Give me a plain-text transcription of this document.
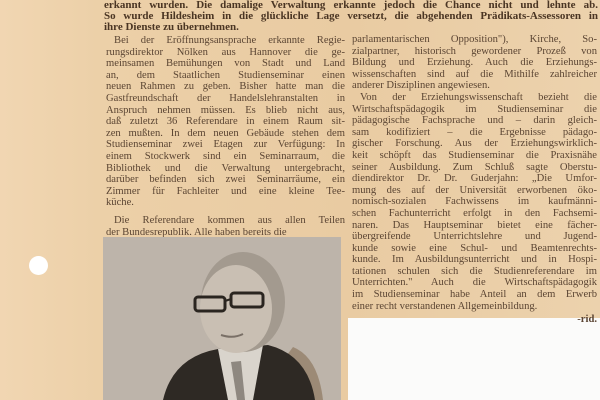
erkannt wurden. Die damalige Verwaltung erkannte jedoch die Chance nicht und lehnte ab.
So wurde Hildesheim in die glückliche Lage versetzt, die abgehenden Prädikats-Assessoren in
ihre Dienste zu übernehmen.
Bei der Eröffnungsansprache erkannte Regie-
rungsdirektor Nölken aus Hannover die ge-
meinsamen Bemühungen von Stadt und Land
an, dem Staatlichen Studienseminar einen
neuen Rahmen zu geben. Bisher hatte man die
Gastfreundschaft der Handelslehranstalten in
Anspruch nehmen müssen. Es blieb nicht aus,
daß zuletzt 36 Referendare in einem Raum sit-
zen mußten. In dem neuen Gebäude stehen dem
Studienseminar zwei Etagen zur Verfügung: In
einem Stockwerk sind ein Seminarraum, die
Bibliothek und die Verwaltung untergebracht,
darüber befinden sich zwei Seminarräume, ein
Zimmer für Fachleiter und eine kleine Tee-
küche.
Die Referendare kommen aus allen Teilen
der Bundesrepublik. Alle haben bereits die
parlamentarischen Opposition"), Kirche, So-
zialpartner, historisch gewordener Prozeß von
Bildung und Erziehung. Auch die Erziehungs-
wissenschaften sind auf die Mithilfe zahlreicher
anderer Disziplinen angewiesen.
Von der Erziehungswissenschaft bezieht die
Wirtschaftspädagogik im Studienseminar die
pädagogische Fachsprache und – darin gleich-
sam kodifiziert – die Ergebnisse pädago-
gischer Forschung. Aus der Erziehungswirklich-
keit schöpft das Studienseminar die Praxisnähe
seiner Ausbildung. Zum Schluß sagte Oberstu-
diendirektor Dr. Dr. Guderjahn: „Die Umfor-
mung des auf der Universität erworbenen öko-
nomisch-sozialen Fachwissens im kaufmänni-
schen Fachunterricht erfolgt in den Fachsemi-
naren. Das Hauptseminar bietet eine fächer-
übergreifende Unterrichtslehre und Jugend-
kunde sowie eine Schul- und Beamtenrechts-
kunde. Im Ausbildungsunterricht und in Hospi-
tationen schulen sich die Studienreferendare im
Unterrichten." Auch die Wirtschaftspädagogik
im Studienseminar habe Anteil an dem Erwerb
einer recht verstandenen Allgemeinbildung.
-rid.
